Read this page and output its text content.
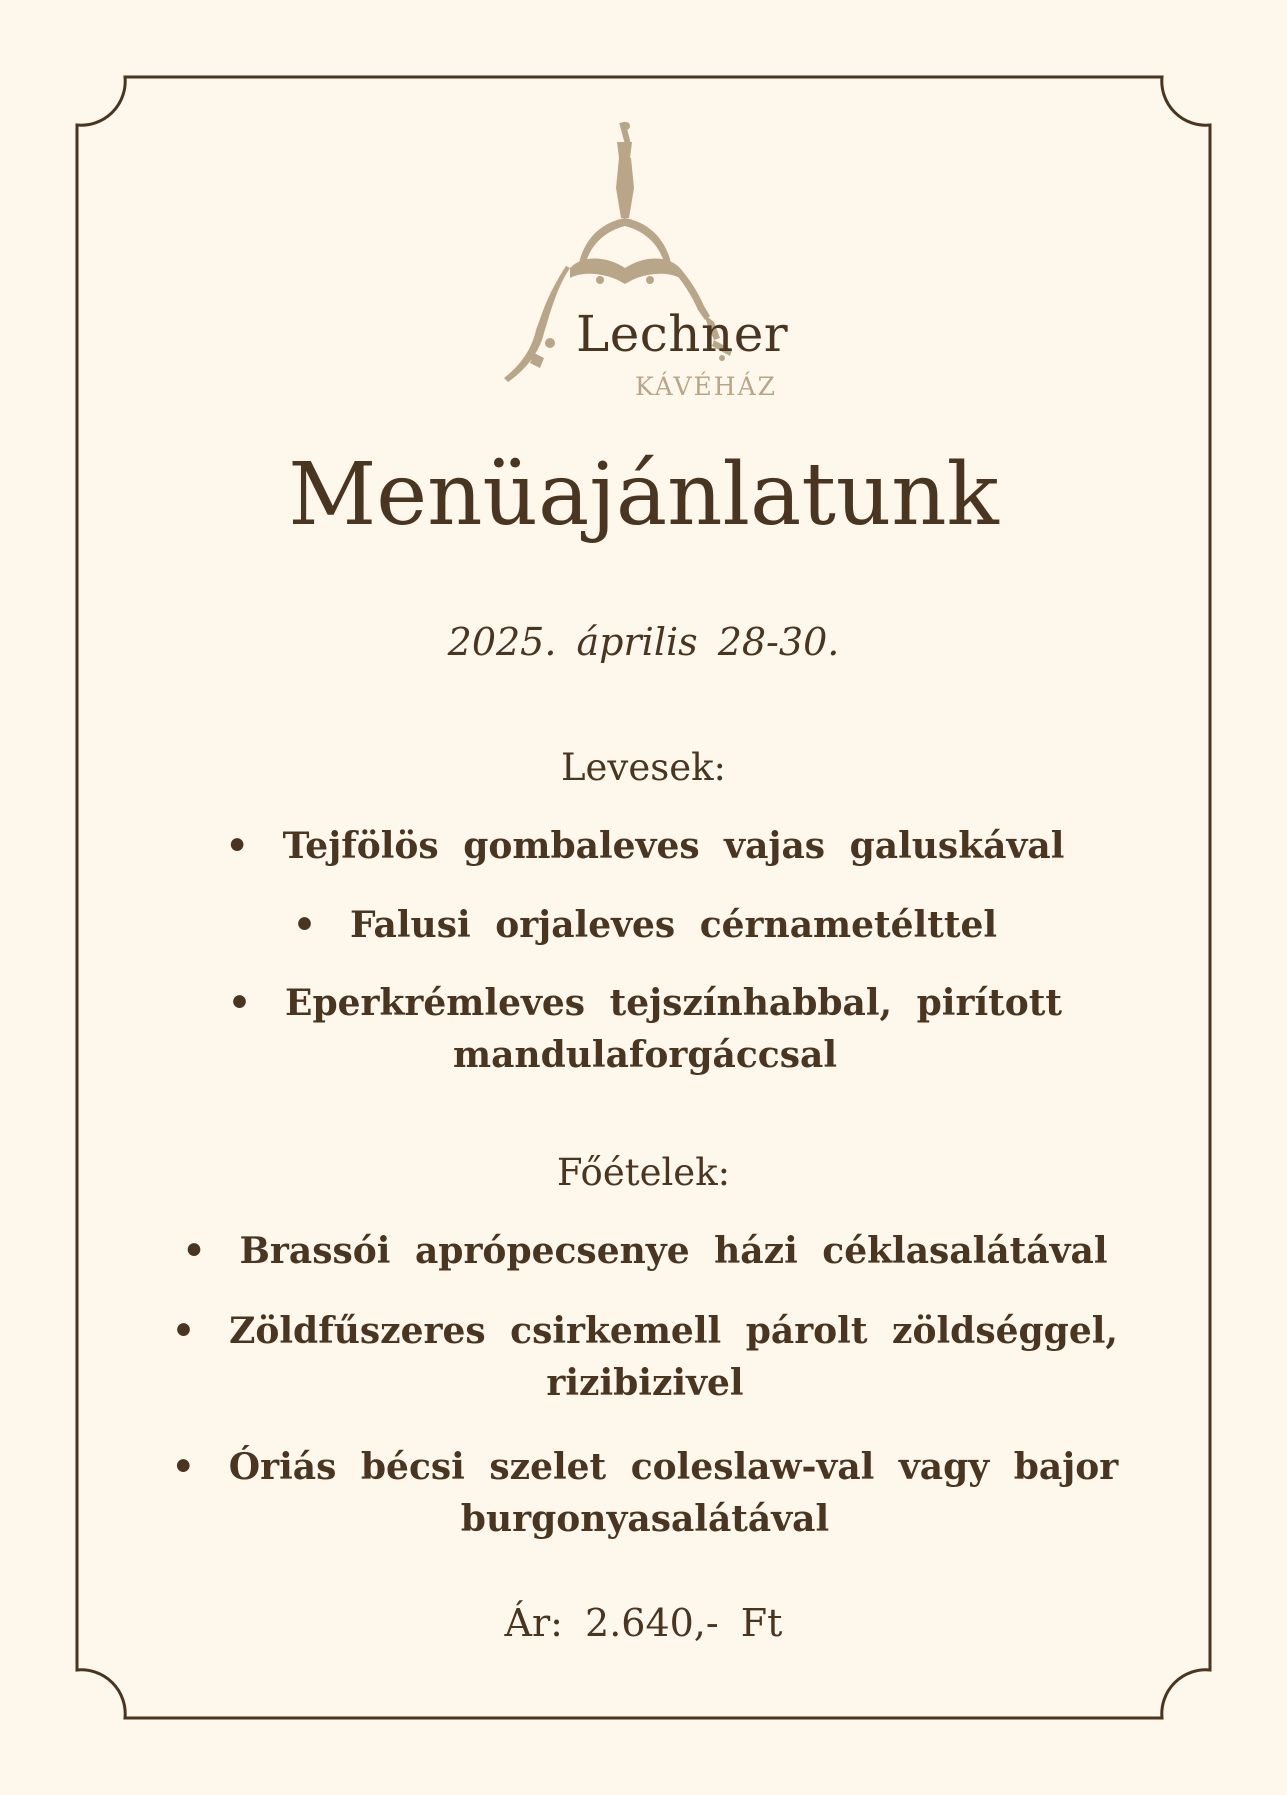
Lechner
KÁVÉHÁZ
Menüajánlatunk
2025. április 28-30.
Levesek:
• Tejfölös gombaleves vajas galuskával
• Falusi orjaleves cérnametélttel
• Eperkrémleves tejszínhabbal, pirított
mandulaforgáccsal
Főételek:
• Brassói aprópecsenye házi céklasalátával
• Zöldfűszeres csirkemell párolt zöldséggel,
rizibizivel
• Óriás bécsi szelet coleslaw-val vagy bajor
burgonyasalátával
Ár: 2.640,- Ft
